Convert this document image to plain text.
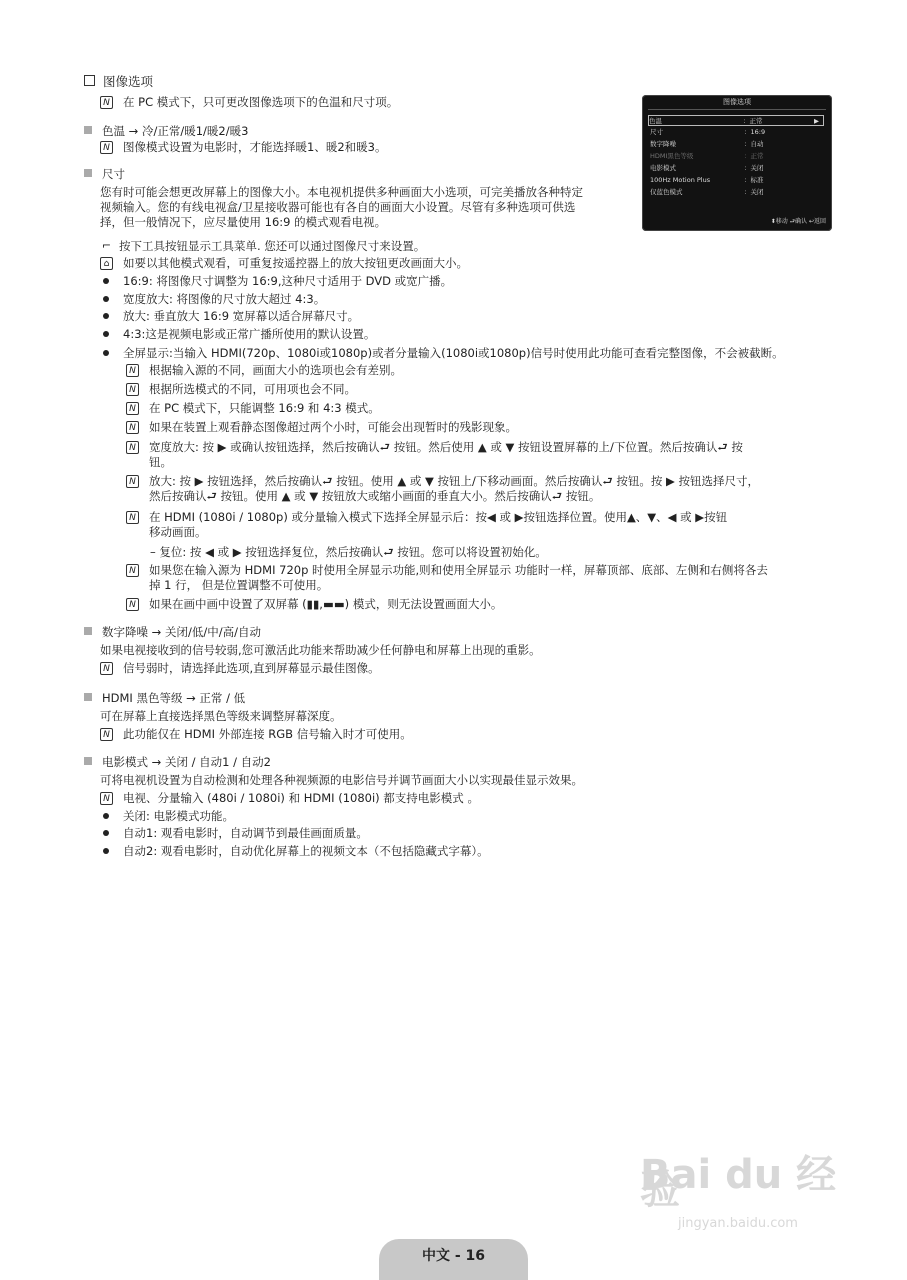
图像选项
N 在 PC 模式下，只可更改图像选项下的色温和尺寸项。	图像选项
色温	：正常	▶
尺寸	：16:9
数字降噪	：自动
HDMI黑色等级	：正常
电影模式	：关闭
100Hz Motion Plus	：标准
仅蓝色模式	：关闭
⬍移动 ⮐确认 ↩返回
色温 → 冷/正常/暖1/暖2/暖3
N 图像模式设置为电影时，才能选择暖1、暖2和暖3。
尺寸
您有时可能会想更改屏幕上的图像大小。本电视机提供多种画面大小选项，可完美播放各种特定
视频输入。您的有线电视盒/卫星接收器可能也有各自的画面大小设置。尽管有多种选项可供选
择，但一般情况下，应尽量使用 16:9 的模式观看电视。
⌐ 按下工具按钮显示工具菜单. 您还可以通过图像尺寸来设置。
⌂	如要以其他模式观看，可重复按遥控器上的放大按钮更改画面大小。
16:9: 将图像尺寸调整为 16:9,这种尺寸适用于 DVD 或宽广播。
宽度放大: 将图像的尺寸放大超过 4:3。
放大: 垂直放大 16:9 宽屏幕以适合屏幕尺寸。
4:3:这是视频电影或正常广播所使用的默认设置。
全屏显示:当输入 HDMI(720p、1080i或1080p)或者分量输入(1080i或1080p)信号时使用此功能可查看完整图像，不会被截断。
N 根据输入源的不同，画面大小的选项也会有差别。
N 根据所选模式的不同，可用项也会不同。
N 在 PC 模式下，只能调整 16:9 和 4:3 模式。
N 如果在装置上观看静态图像超过两个小时，可能会出现暂时的残影现象。
N 宽度放大: 按 ▶ 或确认按钮选择，然后按确认⮐ 按钮。然后使用 ▲ 或 ▼ 按钮设置屏幕的上/下位置。然后按确认⮐ 按
钮。
N 放大: 按 ▶ 按钮选择，然后按确认⮐ 按钮。使用 ▲ 或 ▼ 按钮上/下移动画面。然后按确认⮐ 按钮。按 ▶ 按钮选择尺寸，
然后按确认⮐ 按钮。使用 ▲ 或 ▼ 按钮放大或缩小画面的垂直大小。然后按确认⮐ 按钮。
N 在 HDMI (1080i / 1080p) 或分量输入模式下选择全屏显示后：按◀ 或 ▶按钮选择位置。使用▲、▼、◀ 或 ▶按钮
移动画面。
– 复位: 按 ◀ 或 ▶ 按钮选择复位，然后按确认⮐ 按钮。您可以将设置初始化。
N 如果您在输入源为 HDMI 720p 时使用全屏显示功能,则和使用全屏显示 功能时一样，屏幕顶部、底部、左侧和右侧将各去
掉 1 行， 但是位置调整不可使用。
N 如果在画中画中设置了双屏幕 (▮▮,▬▬) 模式，则无法设置画面大小。
数字降噪 → 关闭/低/中/高/自动
如果电视接收到的信号较弱,您可激活此功能来帮助减少任何静电和屏幕上出现的重影。
N 信号弱时，请选择此选项,直到屏幕显示最佳图像。
HDMI 黑色等级 → 正常 / 低
可在屏幕上直接选择黑色等级来调整屏幕深度。
N 此功能仅在 HDMI 外部连接 RGB 信号输入时才可使用。
电影模式 → 关闭 / 自动1 / 自动2
可将电视机设置为自动检测和处理各种视频源的电影信号并调节画面大小以实现最佳显示效果。
N 电视、分量输入 (480i / 1080i) 和 HDMI (1080i) 都支持电影模式 。
关闭: 电影模式功能。
自动1: 观看电影时，自动调节到最佳画面质量。
自动2: 观看电影时，自动优化屏幕上的视频文本（不包括隐藏式字幕）。
Bai du 经验
jingyan.baidu.com
中文 - 16
